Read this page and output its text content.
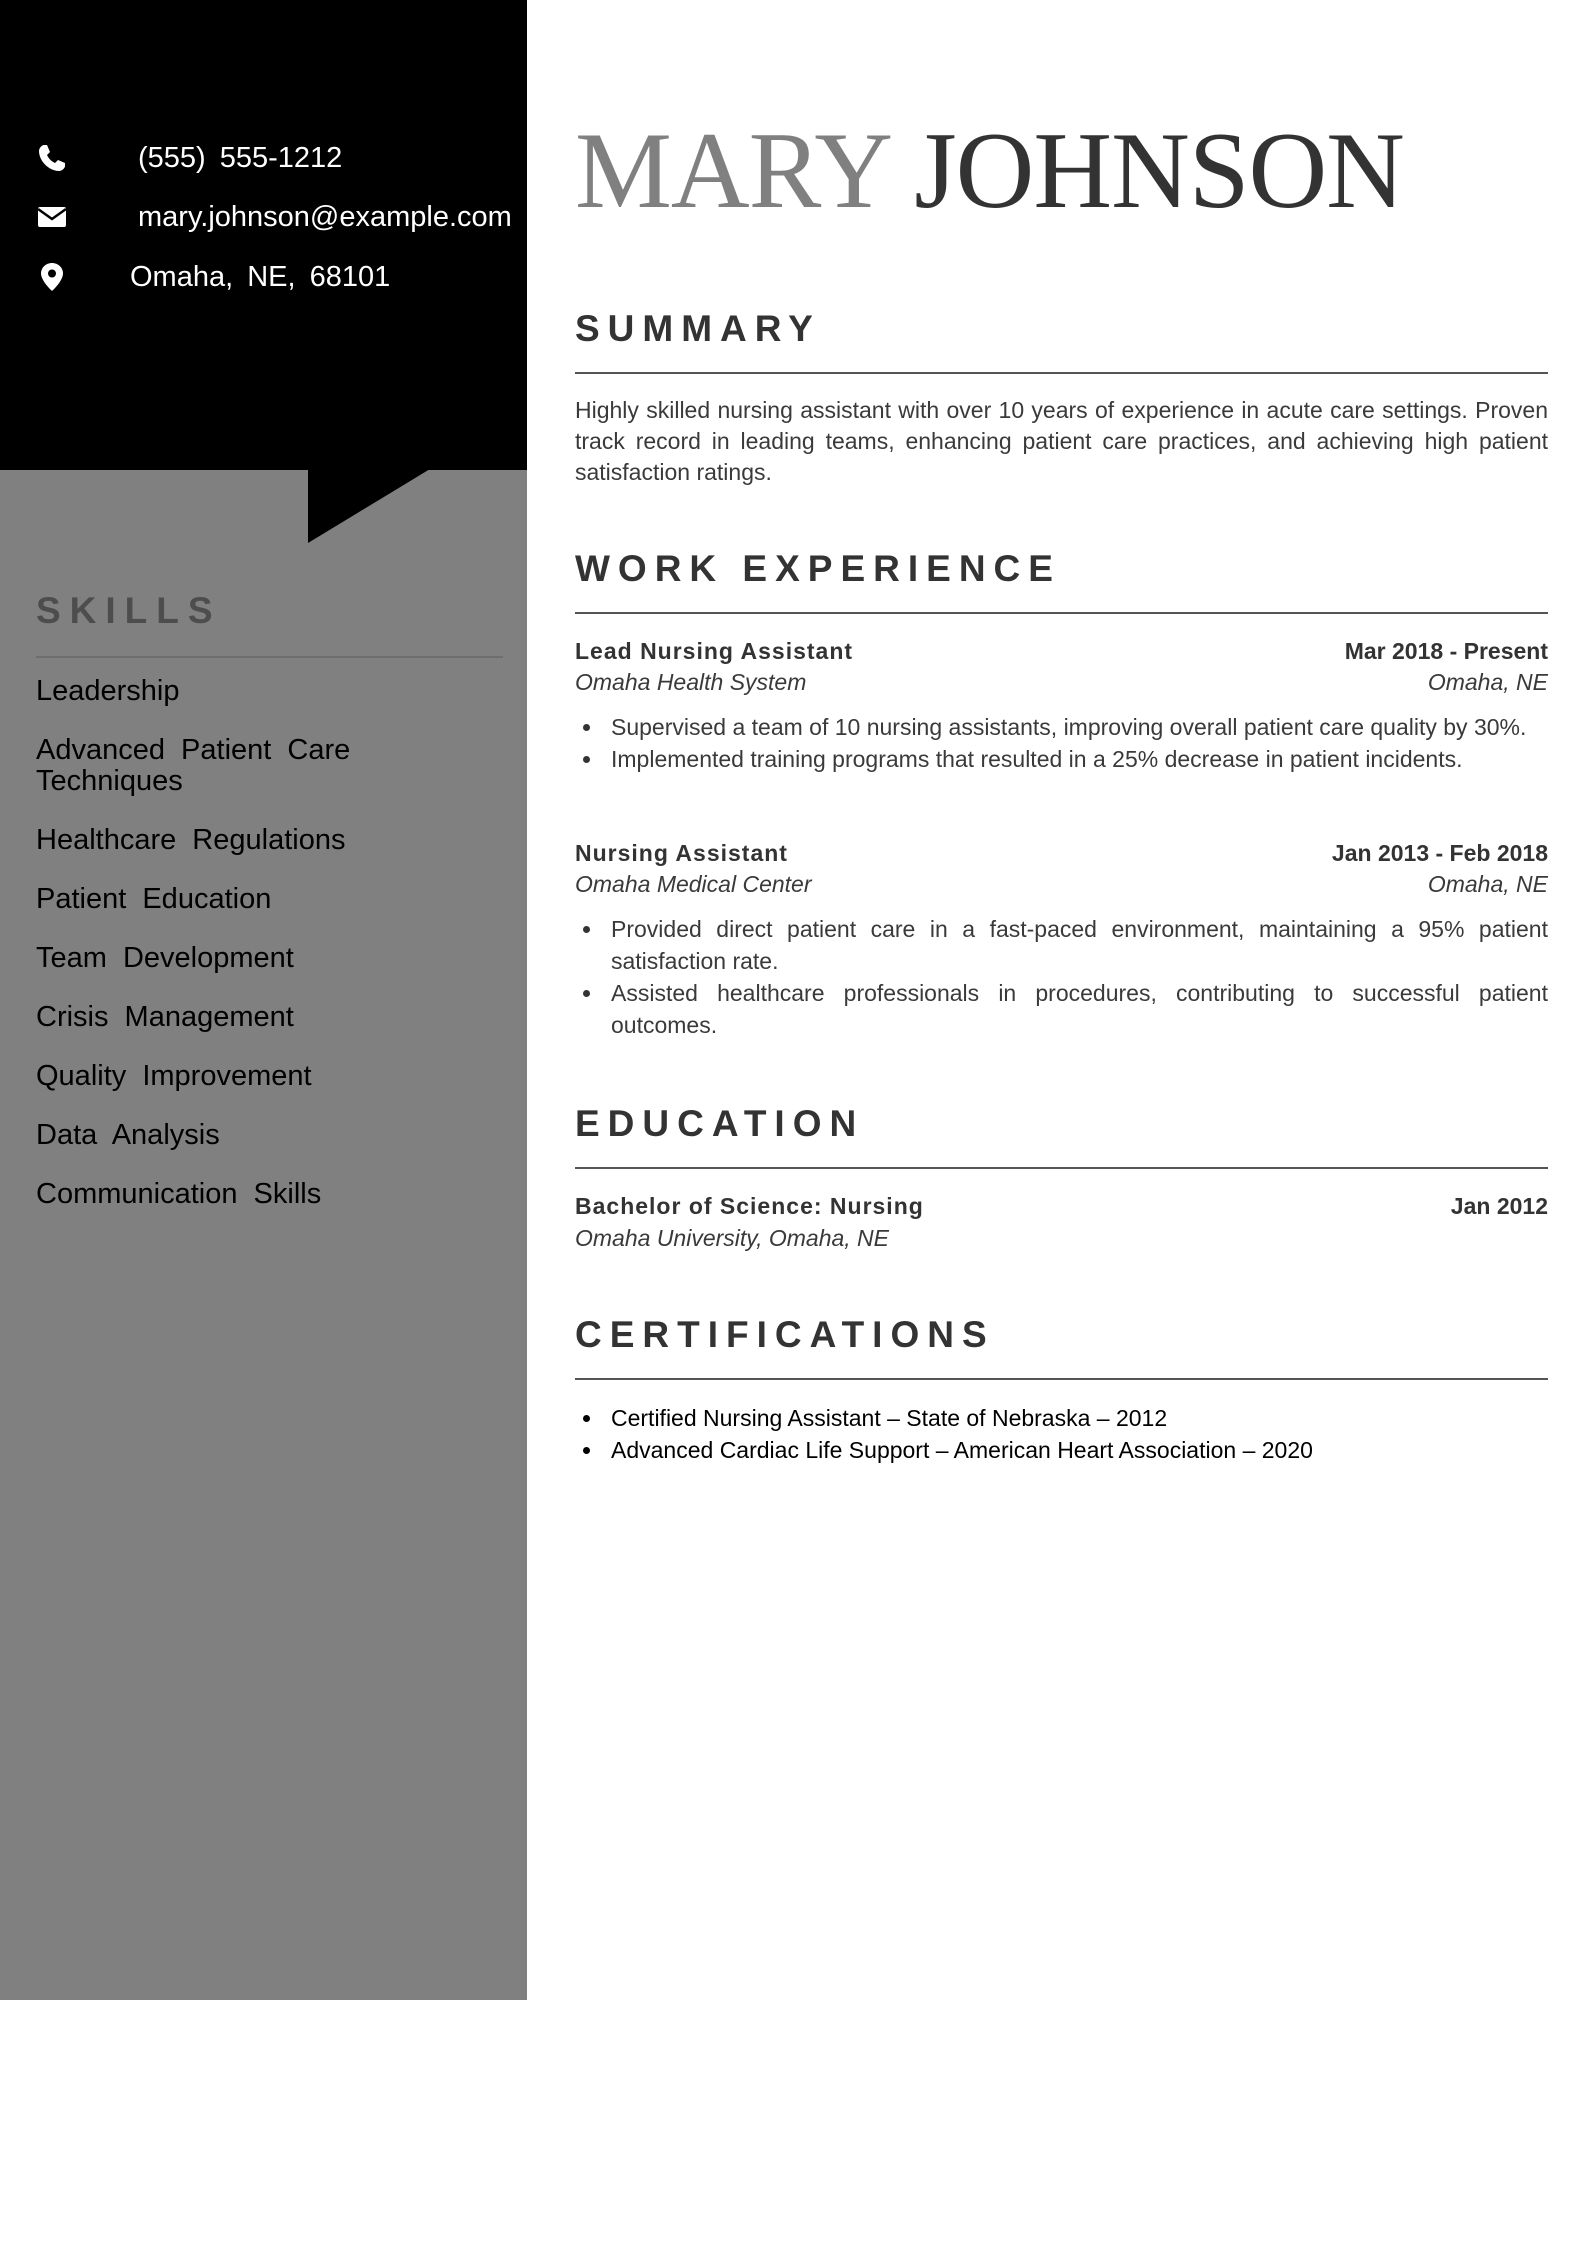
(555) 555-1212
mary.johnson@example.com
Omaha, NE, 68101
SKILLS
Leadership
Advanced Patient Care Techniques
Healthcare Regulations
Patient Education
Team Development
Crisis Management
Quality Improvement
Data Analysis
Communication Skills
MARY JOHNSON
SUMMARY
Highly skilled nursing assistant with over 10 years of experience in acute care settings. Proven track record in leading teams, enhancing patient care practices, and achieving high patient satisfaction ratings.
WORK EXPERIENCE
Lead Nursing Assistant	Mar 2018 - Present
Omaha Health System	Omaha, NE
Supervised a team of 10 nursing assistants, improving overall patient care quality by 30%.
Implemented training programs that resulted in a 25% decrease in patient incidents.
Nursing Assistant	Jan 2013 - Feb 2018
Omaha Medical Center	Omaha, NE
Provided direct patient care in a fast-paced environment, maintaining a 95% patient satisfaction rate.
Assisted healthcare professionals in procedures, contributing to successful patient outcomes.
EDUCATION
Bachelor of Science: Nursing	Jan 2012
Omaha University, Omaha, NE
CERTIFICATIONS
Certified Nursing Assistant – State of Nebraska – 2012
Advanced Cardiac Life Support – American Heart Association – 2020
